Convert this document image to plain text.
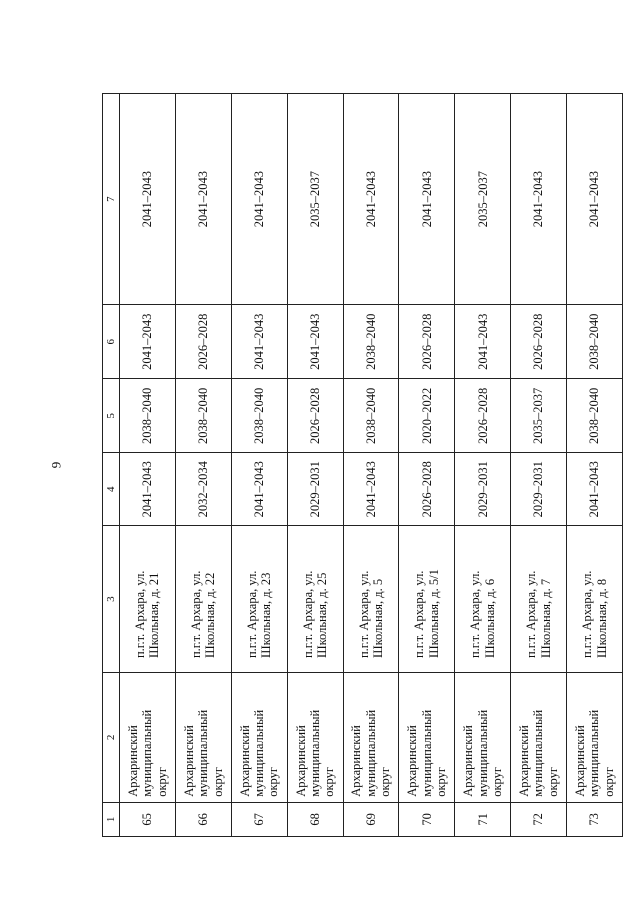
9
1	2	3	4	5	6	7
65	Архаринский муниципальный округ	п.г.т. Архара, ул. Школьная, д. 21	2041–2043	2038–2040	2041–2043	2041–2043
66	Архаринский муниципальный округ	п.г.т. Архара, ул. Школьная, д. 22	2032–2034	2038–2040	2026–2028	2041–2043
67	Архаринский муниципальный округ	п.г.т. Архара, ул. Школьная, д. 23	2041–2043	2038–2040	2041–2043	2041–2043
68	Архаринский муниципальный округ	п.г.т. Архара, ул. Школьная, д. 25	2029–2031	2026–2028	2041–2043	2035–2037
69	Архаринский муниципальный округ	п.г.т. Архара, ул. Школьная, д. 5	2041–2043	2038–2040	2038–2040	2041–2043
70	Архаринский муниципальный округ	п.г.т. Архара, ул. Школьная, д. 5/1	2026–2028	2020–2022	2026–2028	2041–2043
71	Архаринский муниципальный округ	п.г.т. Архара, ул. Школьная, д. 6	2029–2031	2026–2028	2041–2043	2035–2037
72	Архаринский муниципальный округ	п.г.т. Архара, ул. Школьная, д. 7	2029–2031	2035–2037	2026–2028	2041–2043
73	Архаринский муниципальный округ	п.г.т. Архара, ул. Школьная, д. 8	2041–2043	2038–2040	2038–2040	2041–2043
